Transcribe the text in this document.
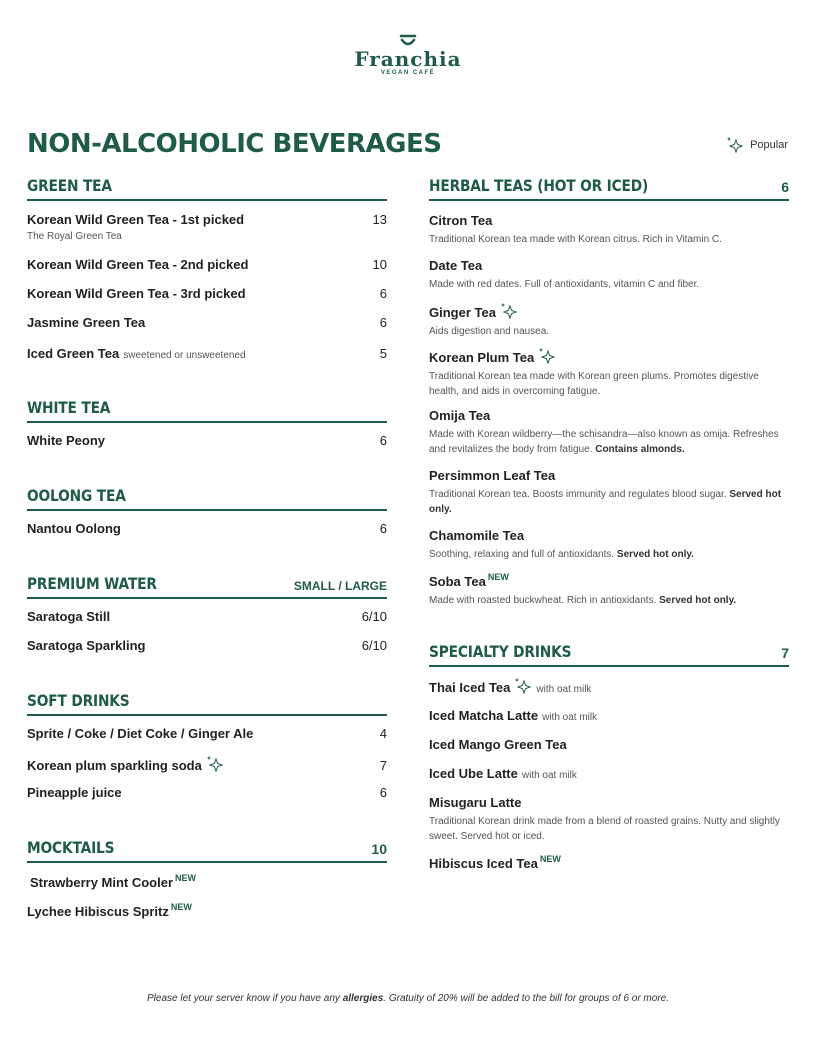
Franchia
VEGAN CAFÉ
NON-ALCOHOLIC BEVERAGES	Popular
GREEN TEA
Korean Wild Green Tea - 1st picked	13
The Royal Green Tea
Korean Wild Green Tea - 2nd picked	10
Korean Wild Green Tea - 3rd picked	6
Jasmine Green Tea	6
Iced Green Tea sweetened or unsweetened	5
WHITE TEA
White Peony	6
OOLONG TEA
Nantou Oolong	6
PREMIUM WATER	SMALL / LARGE
Saratoga Still	6/10
Saratoga Sparkling	6/10
SOFT DRINKS
Sprite / Coke / Diet Coke / Ginger Ale	4
Korean plum sparkling soda	7
Pineapple juice	6
MOCKTAILS	10
Strawberry Mint Cooler $^{NEW}$
Lychee Hibiscus Spritz $^{NEW}$
HERBAL TEAS (HOT OR ICED)	6
Citron Tea
Traditional Korean tea made with Korean citrus. Rich in Vitamin C.
Date Tea
Made with red dates. Full of antioxidants, vitamin C and fiber.
Ginger Tea
Aids digestion and nausea.
Korean Plum Tea
Traditional Korean tea made with Korean green plums. Promotes digestive health, and aids in overcoming fatigue.
Omija Tea
Made with Korean wildberry—the schisandra—also known as omija. Refreshes and revitalizes the body from fatigue. Contains almonds.
Persimmon Leaf Tea
Traditional Korean tea. Boosts immunity and regulates blood sugar. Served hot only.
Chamomile Tea
Soothing, relaxing and full of antioxidants. Served hot only.
Soba Tea $^{NEW}$
Made with roasted buckwheat. Rich in antioxidants. Served hot only.
SPECIALTY DRINKS	7
Thai Iced Tea	with oat milk
Iced Matcha Latte with oat milk
Iced Mango Green Tea
Iced Ube Latte with oat milk
Misugaru Latte
Traditional Korean drink made from a blend of roasted grains. Nutty and slightly sweet. Served hot or iced.
Hibiscus Iced Tea $^{NEW}$
Please let your server know if you have any allergies. Gratuity of 20% will be added to the bill for groups of 6 or more.
